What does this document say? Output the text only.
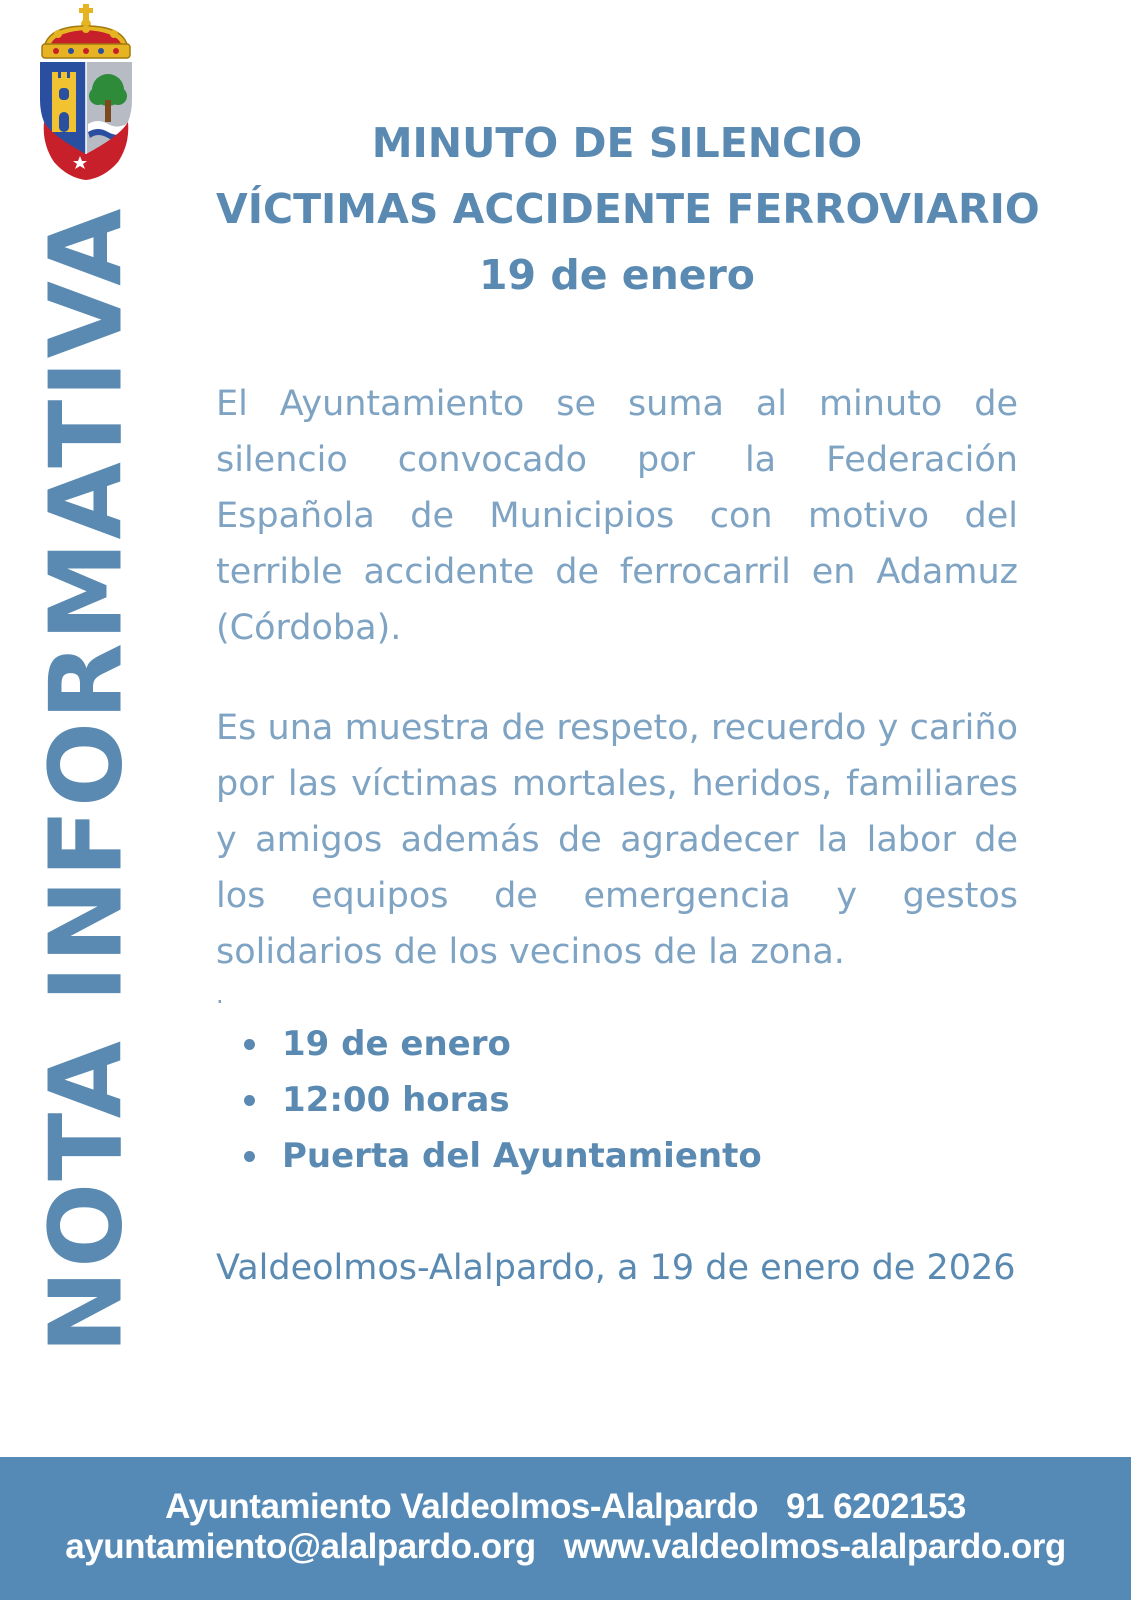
NOTA INFORMATIVA
MINUTO DE SILENCIO
VÍCTIMAS ACCIDENTE FERROVIARIO
19 de enero

El Ayuntamiento se suma al minuto de silencio convocado por la Federación Española de Municipios con motivo del terrible accidente de ferrocarril en Adamuz (Córdoba).

Es una muestra de respeto, recuerdo y cariño por las víctimas mortales, heridos, familiares y amigos además de agradecer la labor de los equipos de emergencia y gestos solidarios de los vecinos de la zona.

.
19 de enero
12:00 horas
Puerta del Ayuntamiento
Valdeolmos-Alalpardo, a 19 de enero de 2026
Ayuntamiento Valdeolmos-Alalpardo 91 6202153
ayuntamiento@alalpardo.org www.valdeolmos-alalpardo.org
